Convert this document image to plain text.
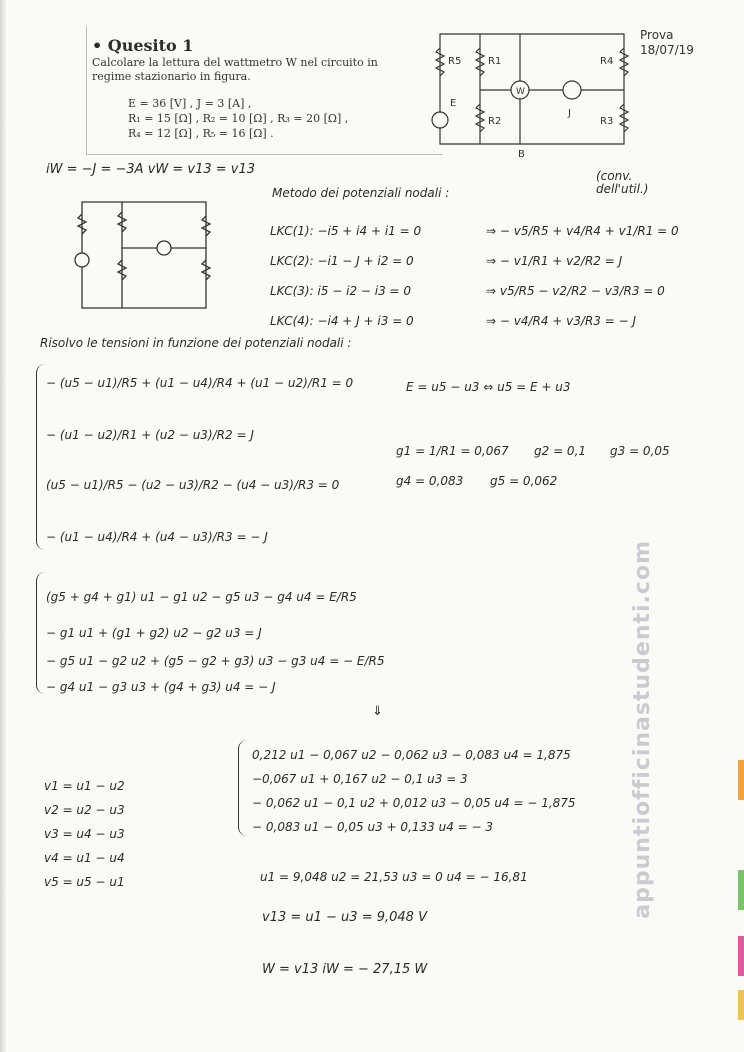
• Quesito 1
Calcolare la lettura del wattmetro W nel circuito in regime stazionario in figura.
E = 36 [V] , J = 3 [A] ,
R₁ = 15 [Ω] , R₂ = 10 [Ω] , R₃ = 20 [Ω] ,
R₄ = 12 [Ω] , R₅ = 16 [Ω] .
Prova
18/07/19
R5	R1	R4
E
W
J
R2	R3
B
iW = −J = −3A vW = v13 = v13
Metodo dei potenziali nodali :
(conv.
dell'util.)
LKC(1): −i5 + i4 + i1 = 0
LKC(2): −i1 − J + i2 = 0
LKC(3): i5 − i2 − i3 = 0
LKC(4): −i4 + J + i3 = 0
⇒ − v5/R5 + v4/R4 + v1/R1 = 0
⇒ − v1/R1 + v2/R2 = J
⇒ v5/R5 − v2/R2 − v3/R3 = 0
⇒ − v4/R4 + v3/R3 = − J
Risolvo le tensioni in funzione dei potenziali nodali :
− (u5 − u1)/R5 + (u1 − u4)/R4 + (u1 − u2)/R1 = 0
− (u1 − u2)/R1 + (u2 − u3)/R2 = J
(u5 − u1)/R5 − (u2 − u3)/R2 − (u4 − u3)/R3 = 0
− (u1 − u4)/R4 + (u4 − u3)/R3 = − J
E = u5 − u3 ⇔ u5 = E + u3
g1 = 1/R1 = 0,067 g2 = 0,1 g3 = 0,05
g4 = 0,083 g5 = 0,062
(g5 + g4 + g1) u1 − g1 u2 − g5 u3 − g4 u4 = E/R5
− g1 u1 + (g1 + g2) u2 − g2 u3 = J
− g5 u1 − g2 u2 + (g5 − g2 + g3) u3 − g3 u4 = − E/R5
− g4 u1 − g3 u3 + (g4 + g3) u4 = − J
⇓
v1 = u1 − u2
v2 = u2 − u3
v3 = u4 − u3
v4 = u1 − u4
v5 = u5 − u1
0,212 u1 − 0,067 u2 − 0,062 u3 − 0,083 u4 = 1,875
−0,067 u1 + 0,167 u2 − 0,1 u3 = 3
− 0,062 u1 − 0,1 u2 + 0,012 u3 − 0,05 u4 = − 1,875
− 0,083 u1 − 0,05 u3 + 0,133 u4 = − 3
u1 = 9,048 u2 = 21,53 u3 = 0 u4 = − 16,81
v13 = u1 − u3 = 9,048 V
W = v13 iW = − 27,15 W
appuntiofficinastudenti.com
